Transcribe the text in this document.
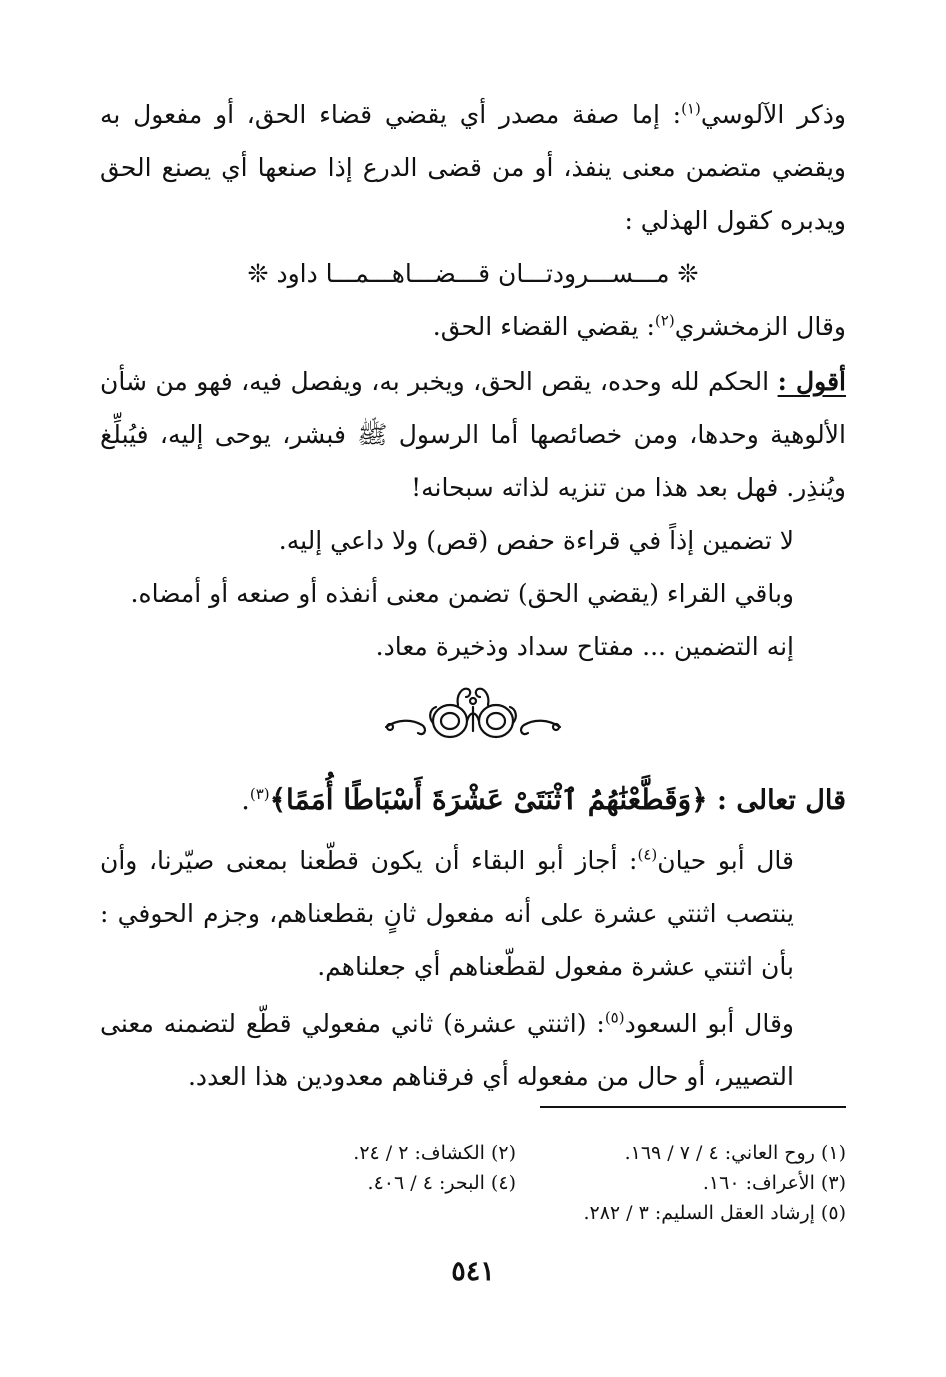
وذكر الآلوسي$^{(١)}$: إما صفة مصدر أي يقضي قضاء الحق، أو مفعول به ويقضي متضمن معنى ينفذ، أو من قضى الدرع إذا صنعها أي يصنع الحق ويدبره كقول الهذلي :

❊ مـــســـرودتـــان قـــضـــاهـــمـــا داود ❊

وقال الزمخشري$^{(٢)}$: يقضي القضاء الحق.

أقول : الحكم لله وحده، يقص الحق، ويخبر به، ويفصل فيه، فهو من شأن الألوهية وحدها، ومن خصائصها أما الرسول ﷺ فبشر، يوحى إليه، فيُبلِّغ ويُنذِر. فهل بعد هذا من تنزيه لذاته سبحانه!

لا تضمين إذاً في قراءة حفص (قص) ولا داعي إليه.

وباقي القراء (يقضي الحق) تضمن معنى أنفذه أو صنعه أو أمضاه.

إنه التضمين ... مفتاح سداد وذخيرة معاد.

قال تعالى : ﴿وَقَطَّعْنَٰهُمُ ٱثْنَتَىْ عَشْرَةَ أَسْبَاطًا أُمَمًا﴾$^{(٣)}$.

قال أبو حيان$^{(٤)}$: أجاز أبو البقاء أن يكون قطّعنا بمعنى صيّرنا، وأن ينتصب اثنتي عشرة على أنه مفعول ثانٍ بقطعناهم، وجزم الحوفي : بأن اثنتي عشرة مفعول لقطّعناهم أي جعلناهم.

وقال أبو السعود$^{(٥)}$: (اثنتي عشرة) ثاني مفعولي قطّع لتضمنه معنى التصيير، أو حال من مفعوله أي فرقناهم معدودين هذا العدد.

(١) روح العاني: ٤ / ٧ / ١٦٩.
(٢) الكشاف: ٢ / ٢٤.
(٣) الأعراف: ١٦٠.
(٤) البحر: ٤ / ٤٠٦.
(٥) إرشاد العقل السليم: ٣ / ٢٨٢.
٥٤١
